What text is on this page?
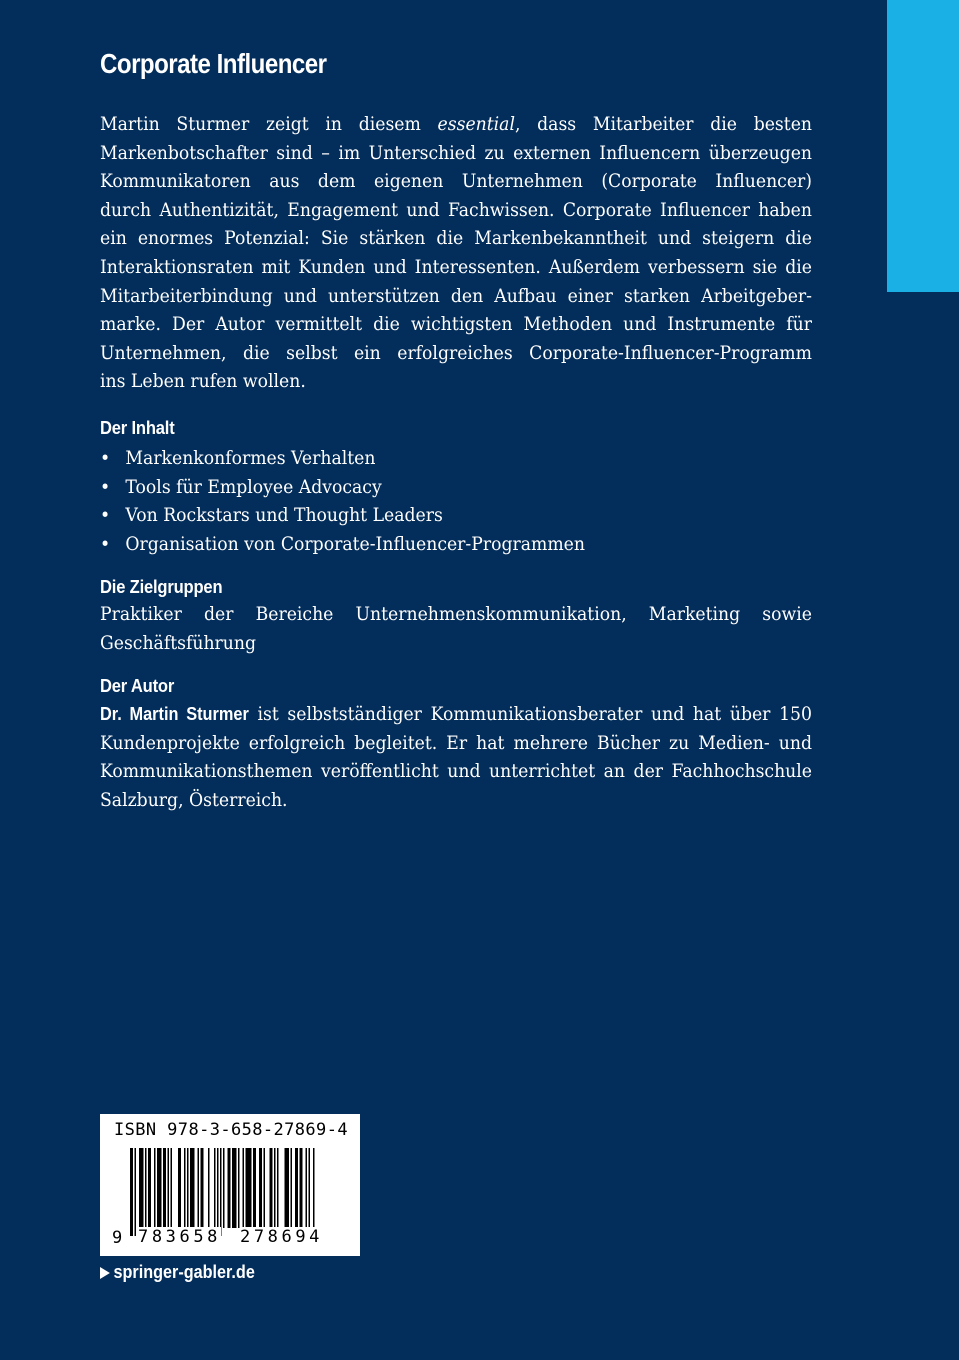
Corporate Influencer
Martin Sturmer zeigt in diesem essential, dass Mitarbeiter die besten
Markenbotschafter sind – im Unterschied zu externen Influencern überzeugen
Kommunikatoren aus dem eigenen Unternehmen (Corporate Influencer)
durch Authentizität, Engagement und Fachwissen. Corporate Influencer haben
ein enormes Potenzial: Sie stärken die Markenbekanntheit und steigern die
Interaktionsraten mit Kunden und Interessenten. Außerdem verbessern sie die
Mitarbeiterbindung und unterstützen den Aufbau einer starken Arbeitgeber-
marke. Der Autor vermittelt die wichtigsten Methoden und Instrumente für
Unternehmen, die selbst ein erfolgreiches Corporate-Influencer-Programm
ins Leben rufen wollen.
Der Inhalt
• Markenkonformes Verhalten
• Tools für Employee Advocacy
• Von Rockstars und Thought Leaders
• Organisation von Corporate-Influencer-Programmen
Die Zielgruppen
Praktiker der Bereiche Unternehmenskommunikation, Marketing sowie
Geschäftsführung
Der Autor
Dr. Martin Sturmer ist selbstständiger Kommunikationsberater und hat über 150
Kundenprojekte erfolgreich begleitet. Er hat mehrere Bücher zu Medien- und
Kommunikationsthemen veröffentlicht und unterrichtet an der Fachhochschule
Salzburg, Österreich.
ISBN 978-3-658-27869-4
9 783658 278694
springer-gabler.de
